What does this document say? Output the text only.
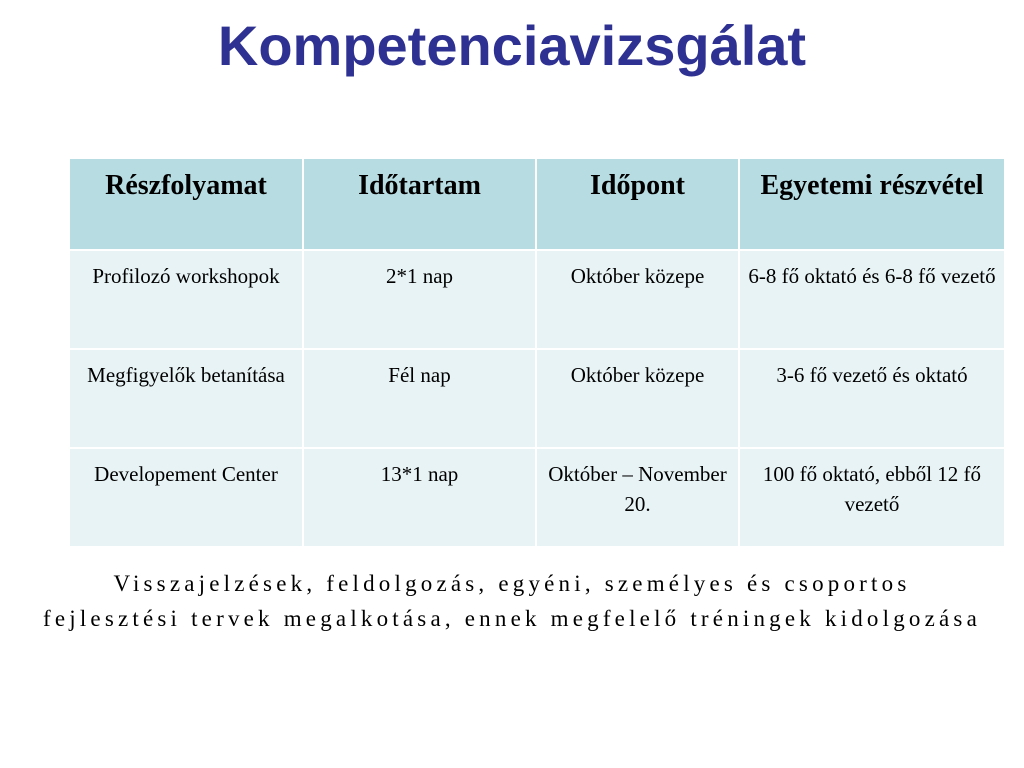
Kompetenciavizsgálat
Részfolyamat	Időtartam	Időpont	Egyetemi részvétel
Profilozó workshopok	2*1 nap	Október közepe	6-8 fő oktató és 6-8 fő vezető
Megfigyelők betanítása	Fél nap	Október közepe	3-6 fő vezető és oktató
Developement Center	13*1 nap	Október – November 20.	100 fő oktató, ebből 12 fő vezető
Visszajelzések, feldolgozás, egyéni, személyes és csoportos fejlesztési tervek megalkotása, ennek megfelelő tréningek kidolgozása
